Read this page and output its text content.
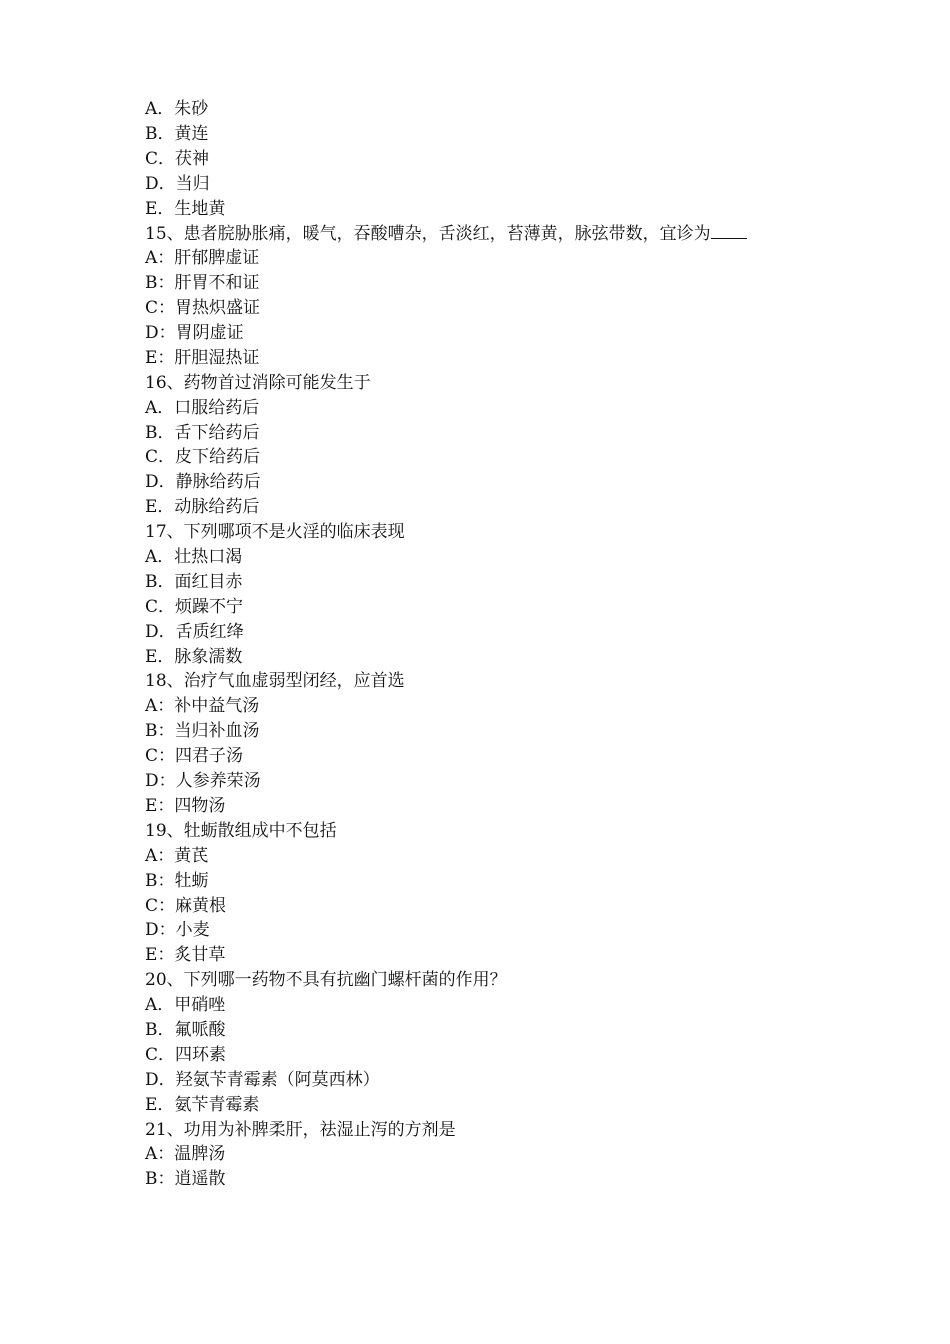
A．朱砂
B．黄连
C．茯神
D．当归
E．生地黄
15、患者脘胁胀痛，暖气，吞酸嘈杂，舌淡红，苔薄黄，脉弦带数，宜诊为
A：肝郁脾虚证
B：肝胃不和证
C：胃热炽盛证
D：胃阴虚证
E：肝胆湿热证
16、药物首过消除可能发生于
A．口服给药后
B．舌下给药后
C．皮下给药后
D．静脉给药后
E．动脉给药后
17、下列哪项不是火淫的临床表现
A．壮热口渴
B．面红目赤
C．烦躁不宁
D．舌质红绛
E．脉象濡数
18、治疗气血虚弱型闭经，应首选
A：补中益气汤
B：当归补血汤
C：四君子汤
D：人参养荣汤
E：四物汤
19、牡蛎散组成中不包括
A：黄芪
B：牡蛎
C：麻黄根
D：小麦
E：炙甘草
20、下列哪一药物不具有抗幽门螺杆菌的作用？
A．甲硝唑
B．氟哌酸
C．四环素
D．羟氨苄青霉素（阿莫西林）
E．氨苄青霉素
21、功用为补脾柔肝，祛湿止泻的方剂是
A：温脾汤
B：逍遥散
